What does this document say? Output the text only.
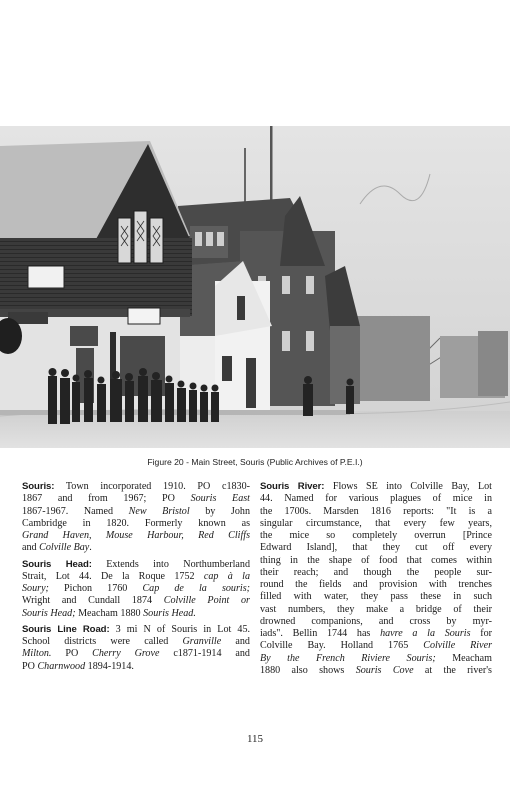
Figure 20 - Main Street, Souris (Public Archives of P.E.I.)
Souris: Town incorporated 1910. PO c1830-
1867 and from 1967; PO Souris East
1867-1967. Named New Bristol by John
Cambridge in 1820. Formerly known as
Grand Haven, Mouse Harbour, Red Cliffs
and Colville Bay.
Souris Head: Extends into Northumberland
Strait, Lot 44. De la Roque 1752 cap à la
Soury; Pichon 1760 Cap de la souris;
Wright and Cundall 1874 Colville Point or
Souris Head; Meacham 1880 Souris Head.
Souris Line Road: 3 mi N of Souris in Lot 45.
School districts were called Granville and
Milton. PO Cherry Grove c1871-1914 and
PO Charnwood 1894-1914.
Souris River: Flows SE into Colville Bay, Lot
44. Named for various plagues of mice in
the 1700s. Marsden 1816 reports: "It is a
singular circumstance, that every few years,
the mice so completely overrun [Prince
Edward Island], that they cut off every
thing in the shape of food that comes within
their reach; and though the people sur-
round the fields and provision with trenches
filled with water, they pass these in such
vast numbers, they make a bridge of their
drowned companions, and cross by myr-
iads". Bellin 1744 has havre a la Souris for
Colville Bay. Holland 1765 Colville River
By the French Riviere Souris; Meacham
1880 also shows Souris Cove at the river's
115
